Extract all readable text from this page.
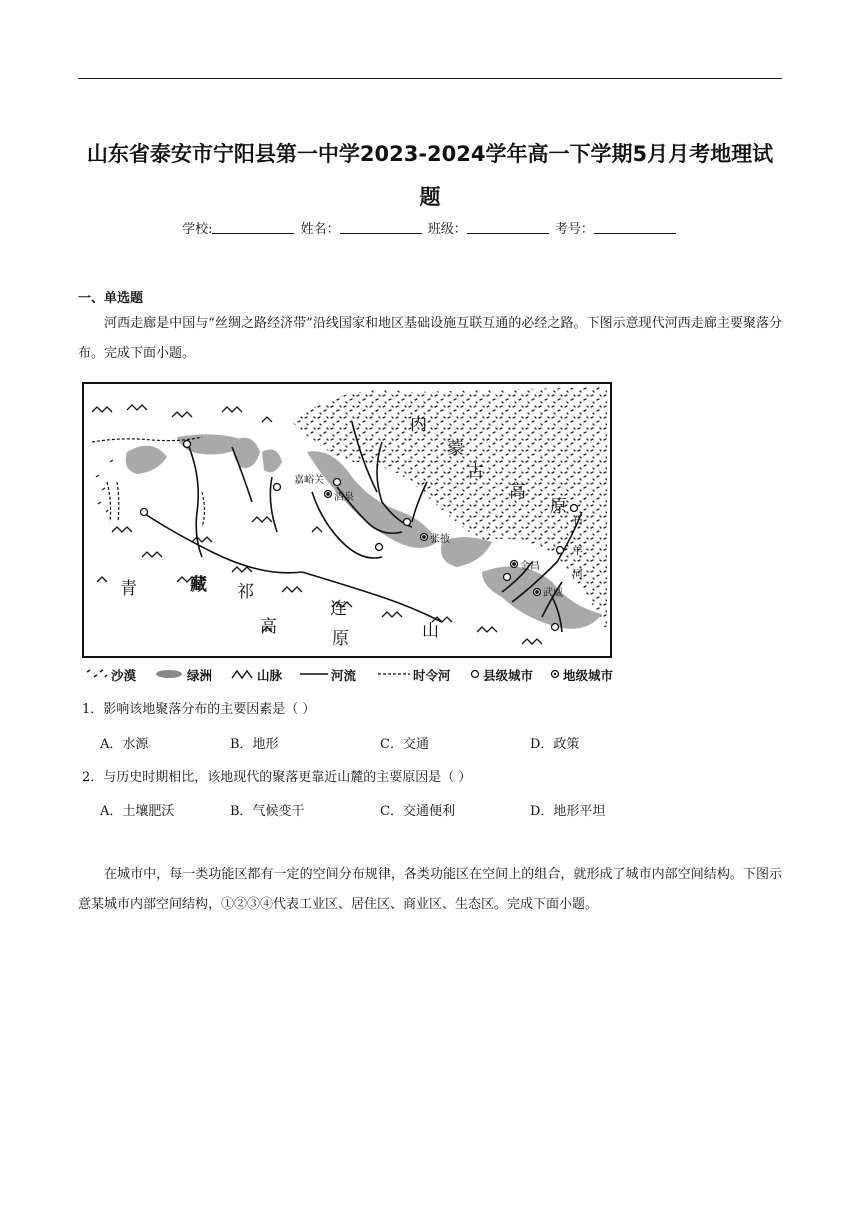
山东省泰安市宁阳县第一中学2023-2024学年高一下学期5月月考地理试
题
学校:	姓名：	班级：	考号：
一、单选题
河西走廊是中国与“丝绸之路经济带”沿线国家和地区基础设施互联互通的必经之路。下图示意现代河西走廊主要聚落分布。完成下面小题。
内
蒙
古
高
原
青	藏 祁
高
连
原	山
石
羊
河
嘉峪关
酒泉
张掖
金昌
武威
沙漠	绿洲	山脉	河流	时令河	县级城市 地级城市
1．影响该地聚落分布的主要因素是（ ）
A．水源	B．地形	C．交通	D．政策
2．与历史时期相比，该地现代的聚落更靠近山麓的主要原因是（ ）
A．土壤肥沃	B．气候变干	C．交通便利	D．地形平坦
在城市中，每一类功能区都有一定的空间分布规律，各类功能区在空间上的组合，就形成了城市内部空间结构。下图示意某城市内部空间结构，①②③④代表工业区、居住区、商业区、生态区。完成下面小题。
